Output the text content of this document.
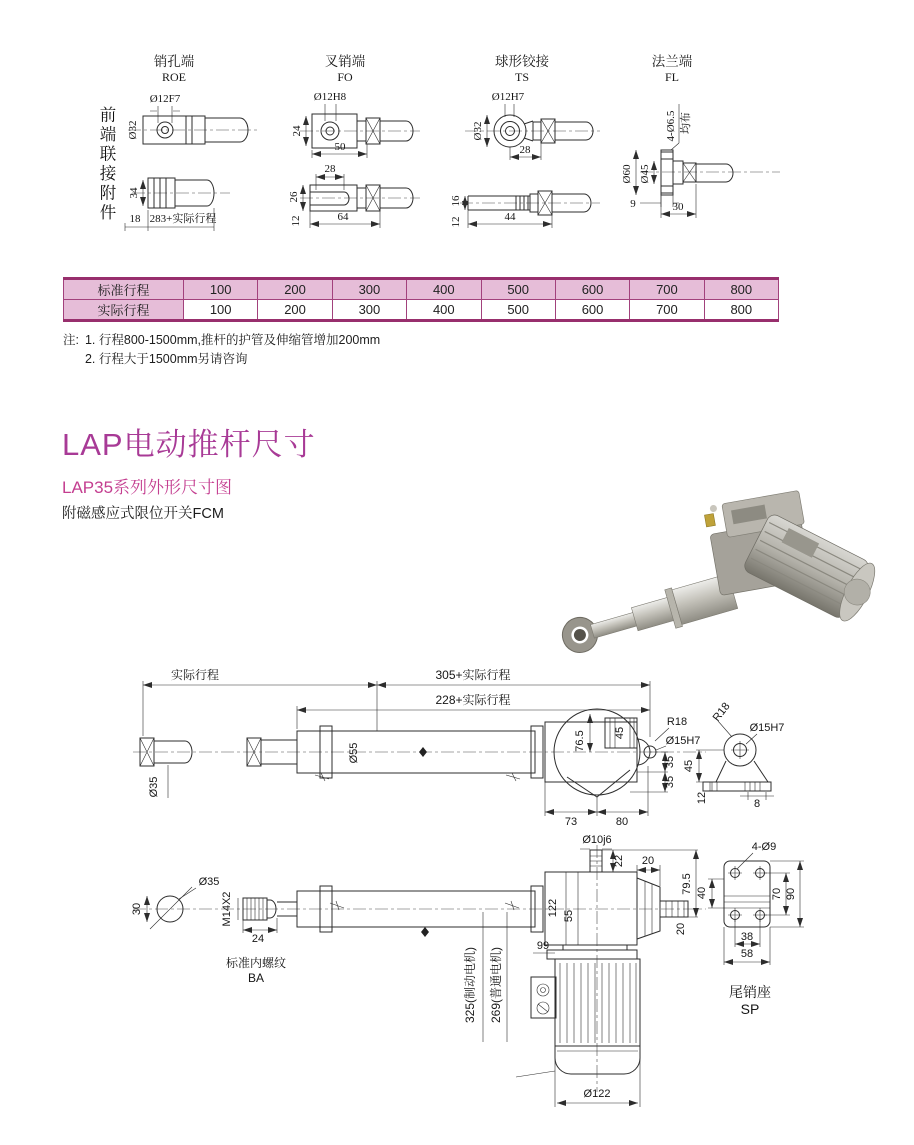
销孔端
ROE
Ø12F7
Ø32
34
18 283+实际行程
叉销端
FO
Ø12H8
24
50
28
26
12	64
球形铰接
TS
Ø12H7
Ø32
28
16
12	44
法兰端
FL
4-Ø6.5 均布
Ø60 Ø45
9	30
Ø35
Ø55
45
R18
Ø15H7
76.5
35
35
73	80
实际行程	305+实际行程
228+实际行程
R18
Ø15H7
45
12	8
30
Ø35
M14X2
24
标准内螺纹
BA	325(制动电机) 269(普通电机)
122 55
Ø10j6
22 20
79.5
20
99
Ø122
4-Ø9
40	70 90
38
58
尾销座
SP
前端联接附件
标准行程	100	200	300	400	500	600	700	800
实际行程	100	200	300	400	500	600	700	800
注: 1. 行程800-1500mm,推杆的护管及伸缩管增加200mm
2. 行程大于1500mm另请咨询
LAP电动推杆尺寸
LAP35系列外形尺寸图
附磁感应式限位开关FCM
